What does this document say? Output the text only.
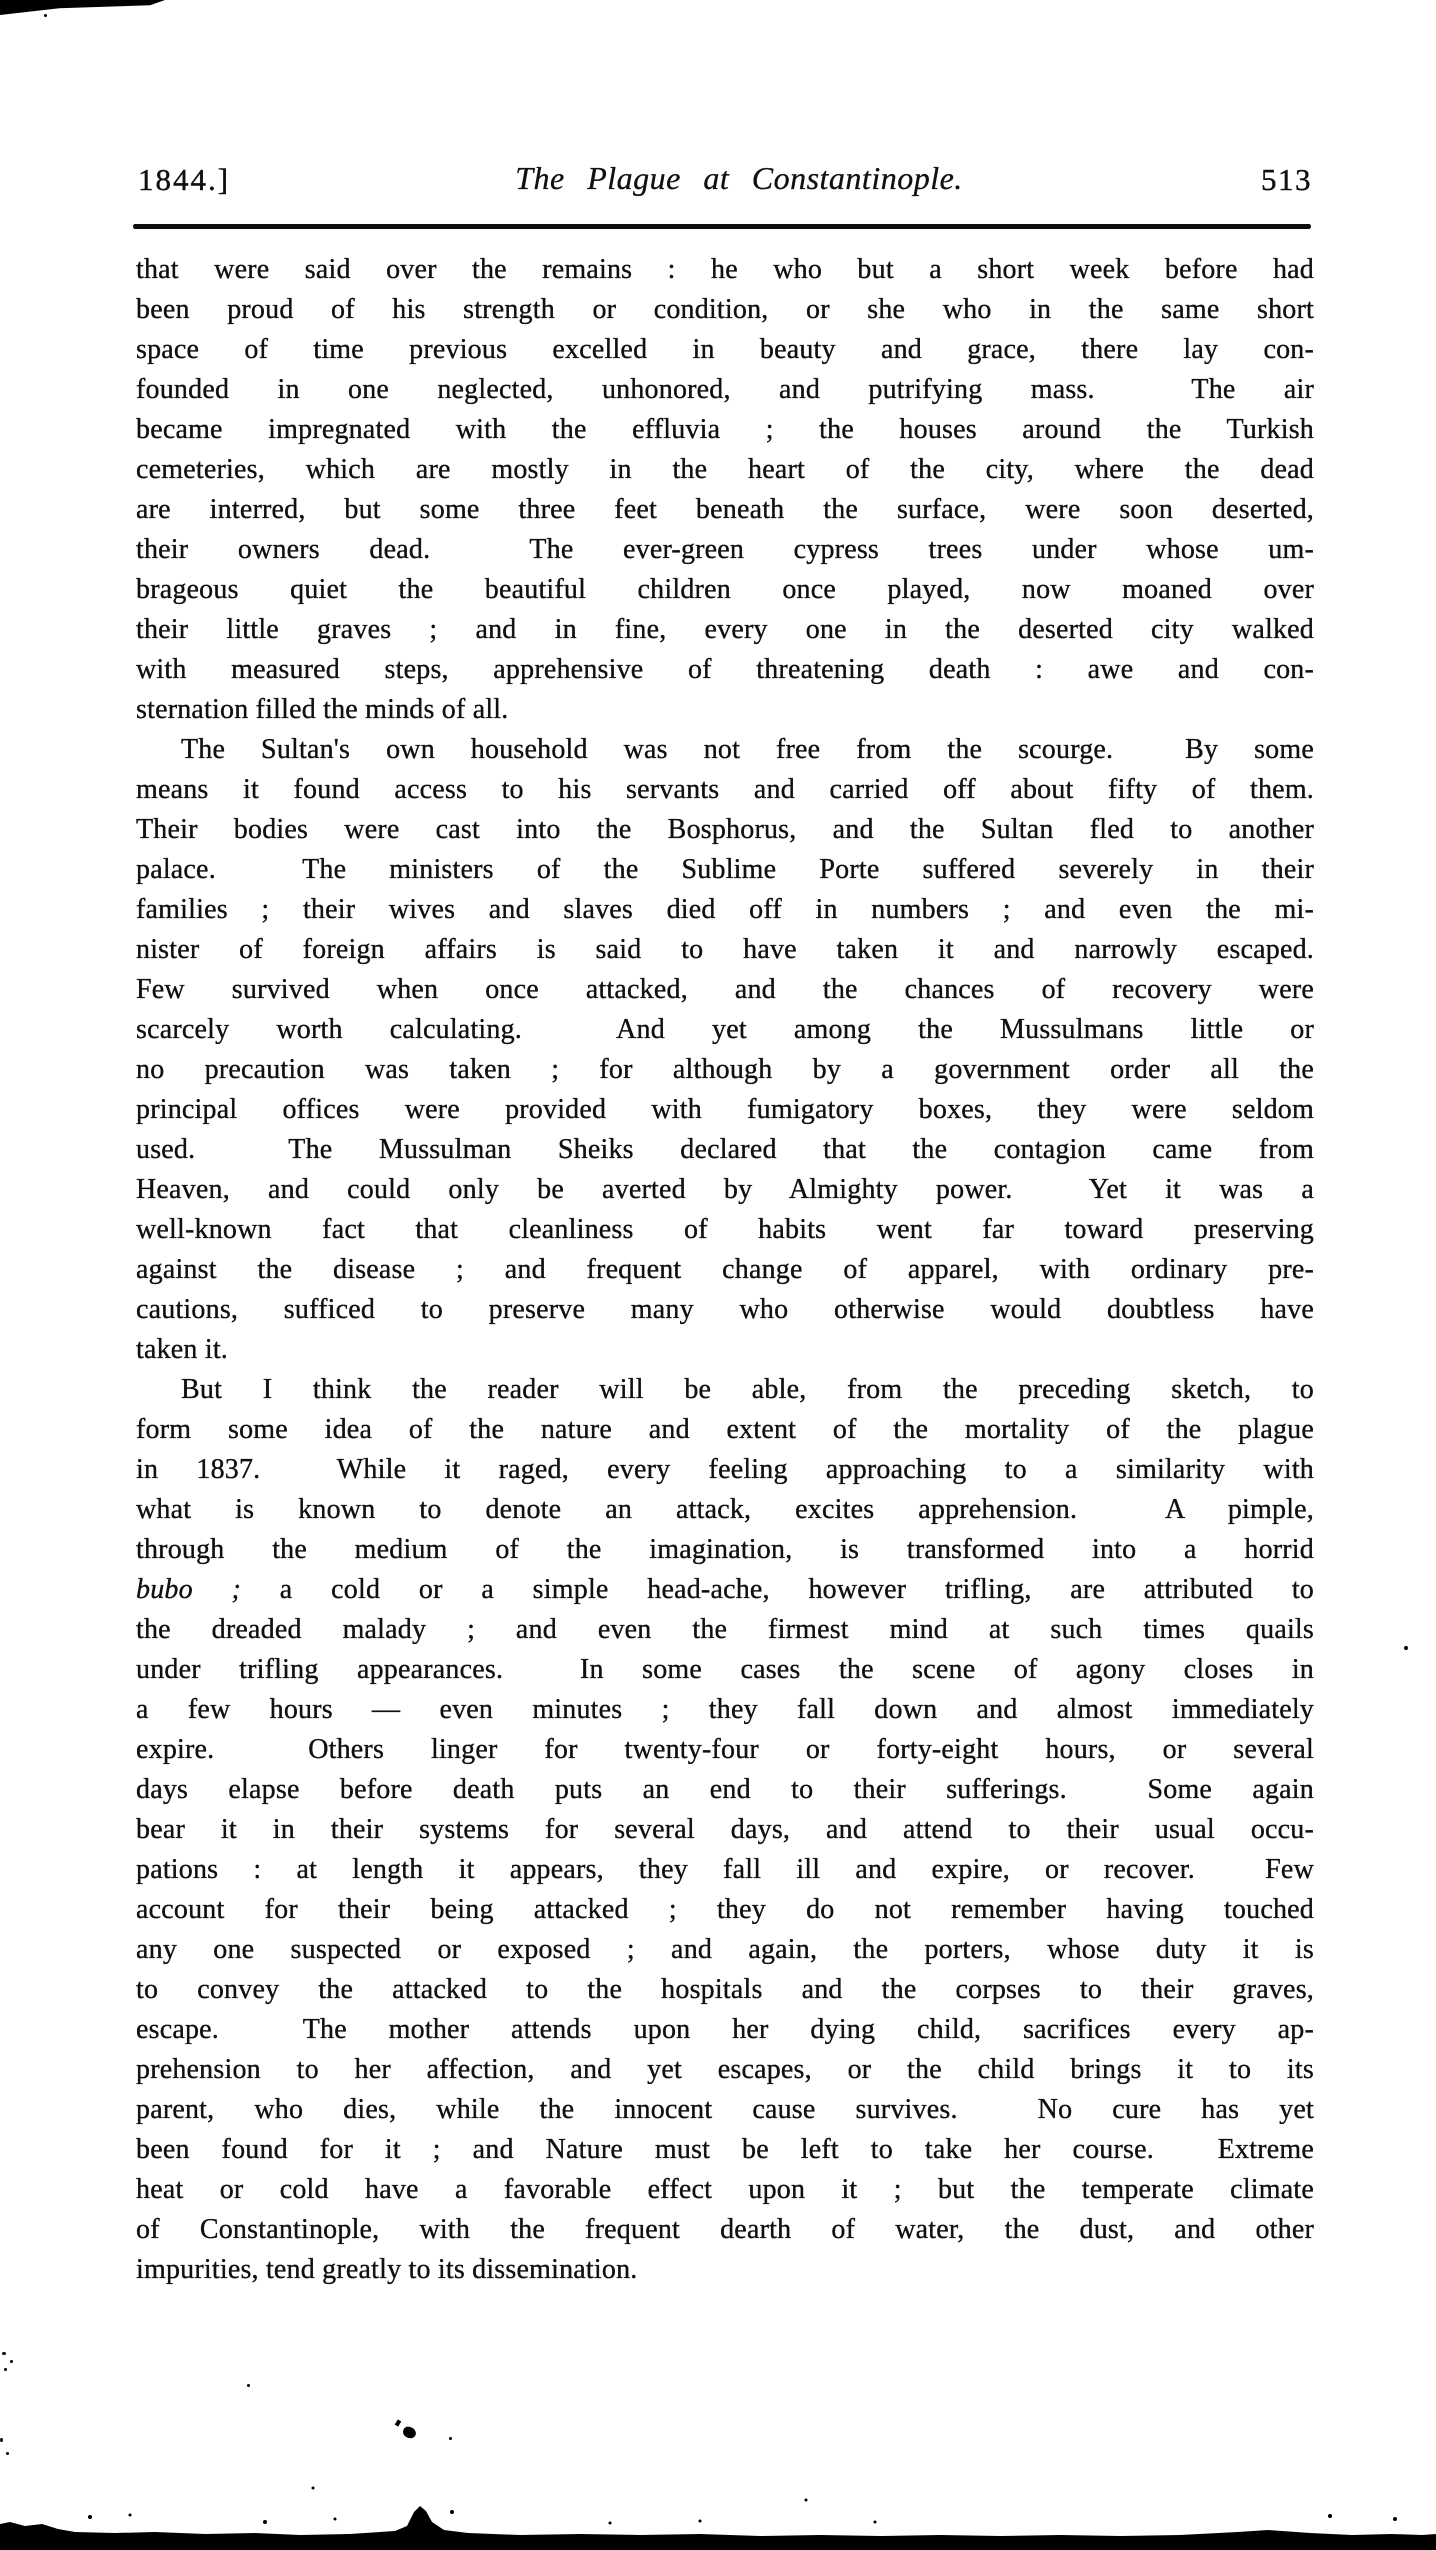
1844.]	The Plague at Constantinople.	513
that were said over the remains : he who but a short week before had
been proud of his strength or condition, or she who in the same short
space of time previous excelled in beauty and grace, there lay con-
founded in one neglected, unhonored, and putrifying mass.  The air
became impregnated with the effluvia ; the houses around the Turkish
cemeteries, which are mostly in the heart of the city, where the dead
are interred, but some three feet beneath the surface, were soon deserted,
their owners dead.  The ever-green cypress trees under whose um-
brageous quiet the beautiful children once played, now moaned over
their little graves ; and in fine, every one in the deserted city walked
with measured steps, apprehensive of threatening death : awe and con-
sternation filled the minds of all.
The Sultan's own household was not free from the scourge.  By some
means it found access to his servants and carried off about fifty of them.
Their bodies were cast into the Bosphorus, and the Sultan fled to another
palace.  The ministers of the Sublime Porte suffered severely in their
families ; their wives and slaves died off in numbers ; and even the mi-
nister of foreign affairs is said to have taken it and narrowly escaped.
Few survived when once attacked, and the chances of recovery were
scarcely worth calculating.  And yet among the Mussulmans little or
no precaution was taken ; for although by a government order all the
principal offices were provided with fumigatory boxes, they were seldom
used.  The Mussulman Sheiks declared that the contagion came from
Heaven, and could only be averted by Almighty power.  Yet it was a
well-known fact that cleanliness of habits went far toward preserving
against the disease ; and frequent change of apparel, with ordinary pre-
cautions, sufficed to preserve many who otherwise would doubtless have
taken it.
But I think the reader will be able, from the preceding sketch, to
form some idea of the nature and extent of the mortality of the plague
in 1837.  While it raged, every feeling approaching to a similarity with
what is known to denote an attack, excites apprehension.  A pimple,
through the medium of the imagination, is transformed into a horrid
bubo ; a cold or a simple head-ache, however trifling, are attributed to
the dreaded malady ; and even the firmest mind at such times quails
under trifling appearances.  In some cases the scene of agony closes in
a few hours — even minutes ; they fall down and almost immediately
expire.  Others linger for twenty-four or forty-eight hours, or several
days elapse before death puts an end to their sufferings.  Some again
bear it in their systems for several days, and attend to their usual occu-
pations : at length it appears, they fall ill and expire, or recover.  Few
account for their being attacked ; they do not remember having touched
any one suspected or exposed ; and again, the porters, whose duty it is
to convey the attacked to the hospitals and the corpses to their graves,
escape.  The mother attends upon her dying child, sacrifices every ap-
prehension to her affection, and yet escapes, or the child brings it to its
parent, who dies, while the innocent cause survives.  No cure has yet
been found for it ; and Nature must be left to take her course.  Extreme
heat or cold have a favorable effect upon it ; but the temperate climate
of Constantinople, with the frequent dearth of water, the dust, and other
impurities, tend greatly to its dissemination.
